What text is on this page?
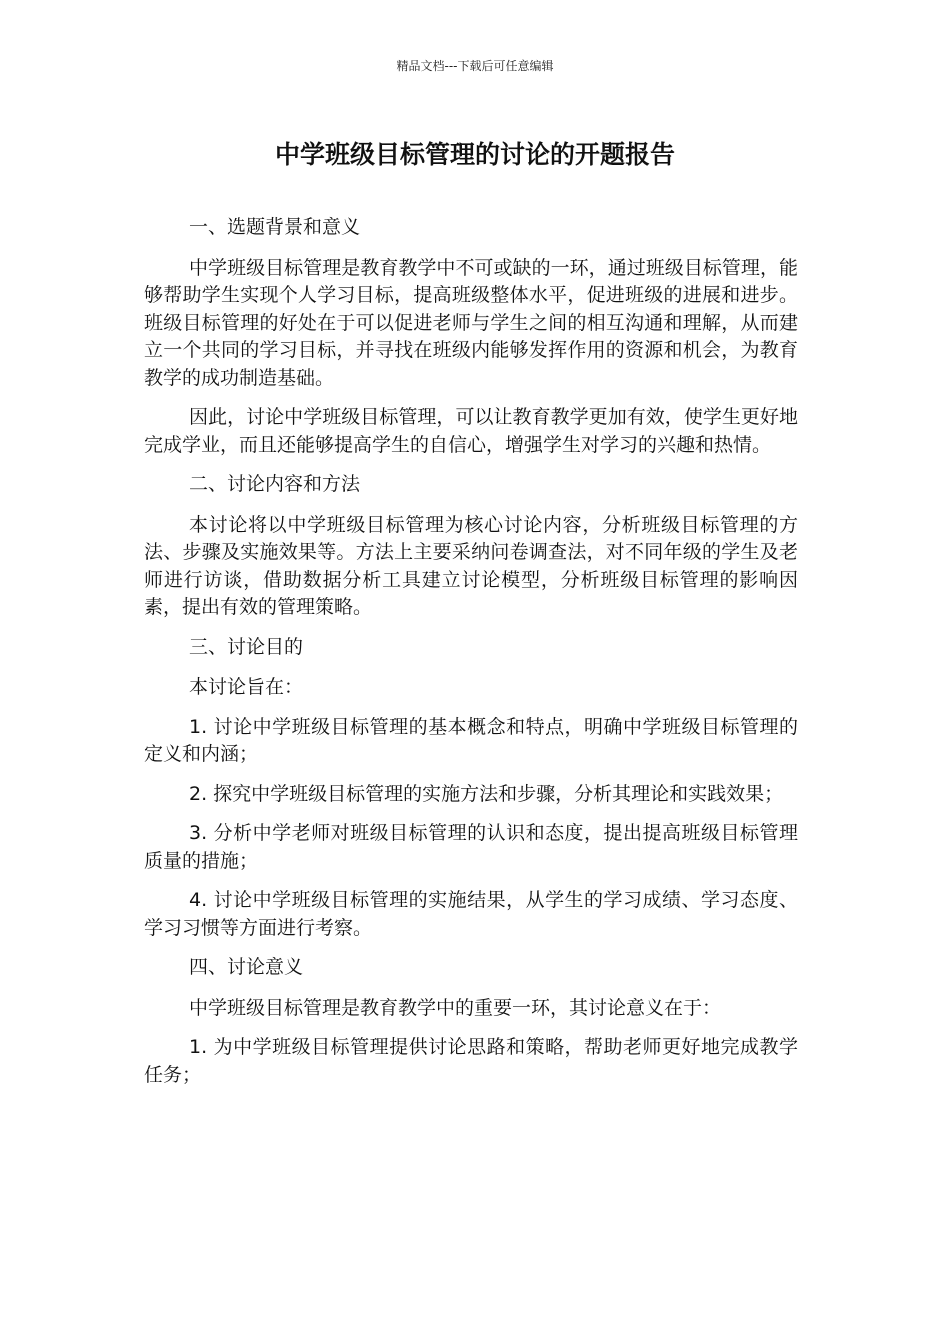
精品文档---下载后可任意编辑
中学班级目标管理的讨论的开题报告

一、选题背景和意义

中学班级目标管理是教育教学中不可或缺的一环，通过班级目标管理，能够帮助学生实现个人学习目标，提高班级整体水平，促进班级的进展和进步。班级目标管理的好处在于可以促进老师与学生之间的相互沟通和理解，从而建立一个共同的学习目标，并寻找在班级内能够发挥作用的资源和机会，为教育教学的成功制造基础。

因此，讨论中学班级目标管理，可以让教育教学更加有效，使学生更好地完成学业，而且还能够提高学生的自信心，增强学生对学习的兴趣和热情。

二、讨论内容和方法

本讨论将以中学班级目标管理为核心讨论内容，分析班级目标管理的方法、步骤及实施效果等。方法上主要采纳问卷调查法，对不同年级的学生及老师进行访谈，借助数据分析工具建立讨论模型，分析班级目标管理的影响因素，提出有效的管理策略。

三、讨论目的

本讨论旨在：

1. 讨论中学班级目标管理的基本概念和特点，明确中学班级目标管理的定义和内涵；

2. 探究中学班级目标管理的实施方法和步骤，分析其理论和实践效果；

3. 分析中学老师对班级目标管理的认识和态度，提出提高班级目标管理质量的措施；

4. 讨论中学班级目标管理的实施结果，从学生的学习成绩、学习态度、学习习惯等方面进行考察。

四、讨论意义

中学班级目标管理是教育教学中的重要一环，其讨论意义在于：

1. 为中学班级目标管理提供讨论思路和策略，帮助老师更好地完成教学任务；
